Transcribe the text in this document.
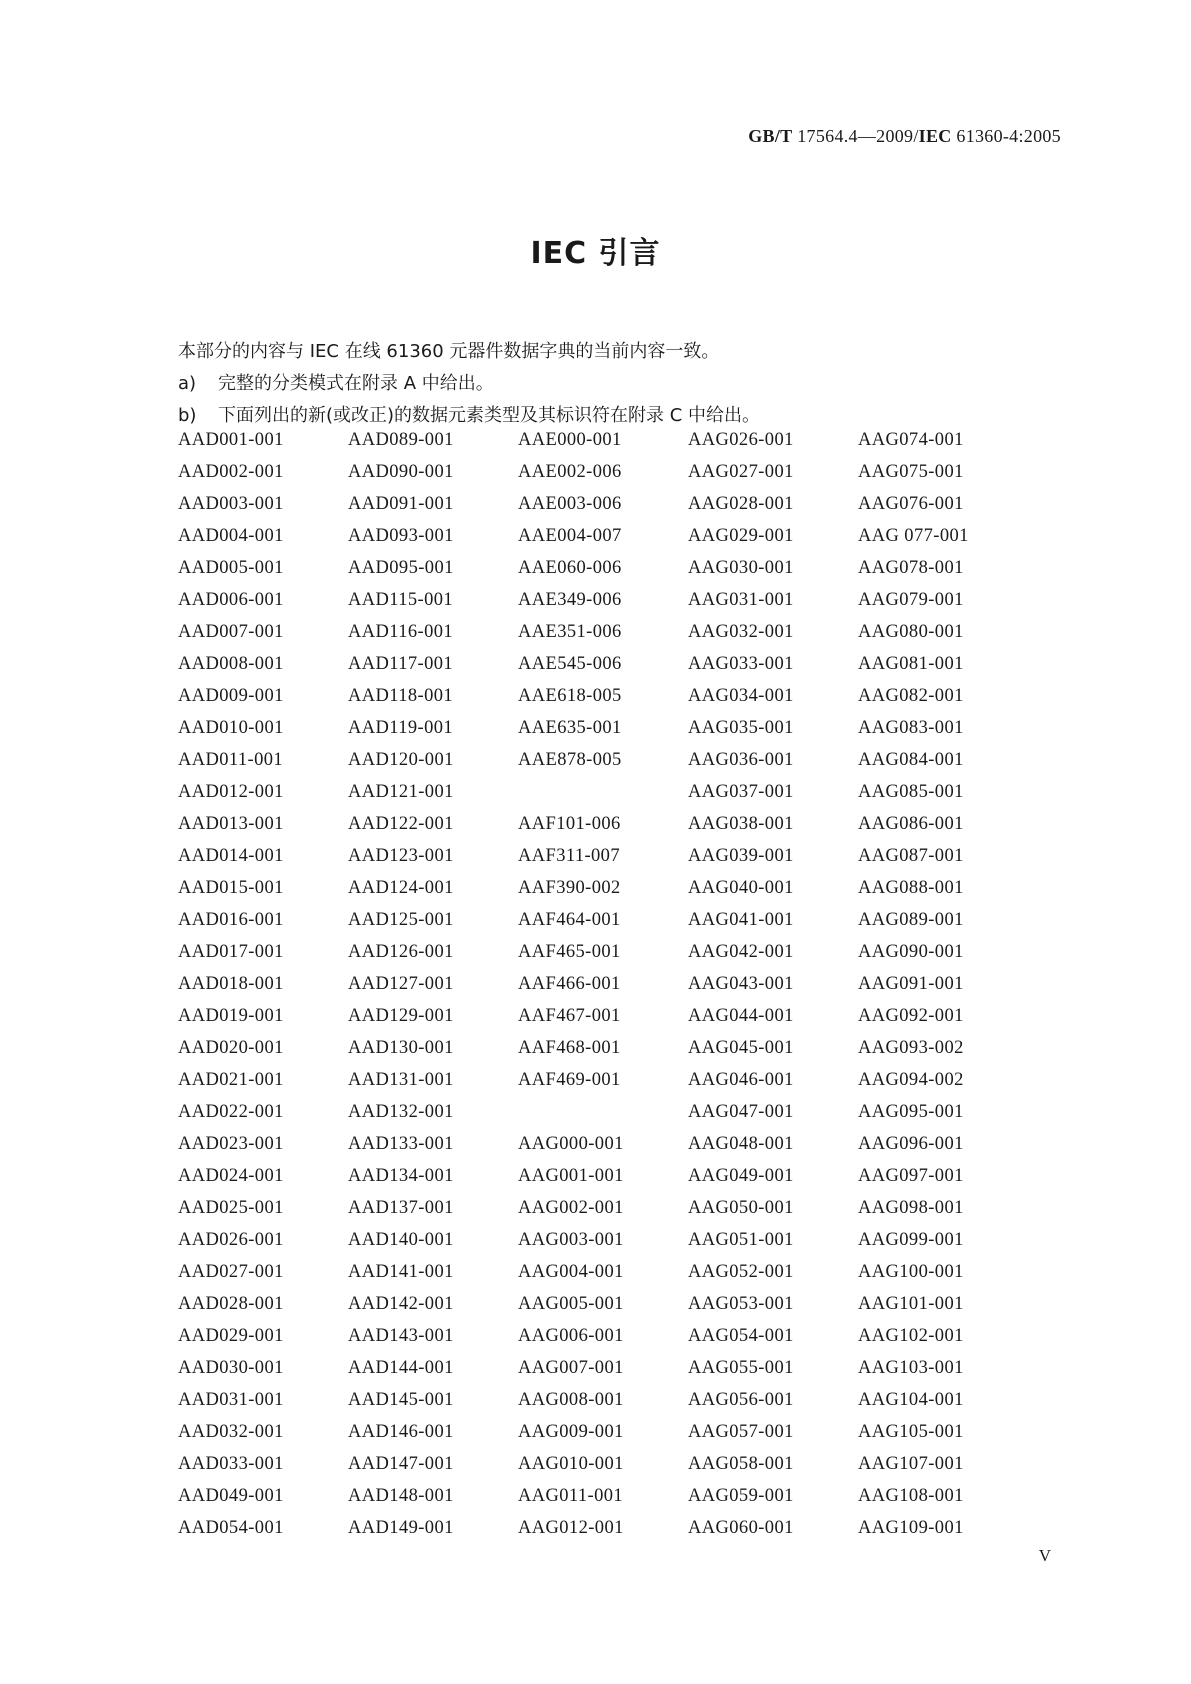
GB/T 17564.4—2009/IEC 61360-4:2005
IEC 引言

本部分的内容与 IEC 在线 61360 元器件数据字典的当前内容一致。

a) 完整的分类模式在附录 A 中给出。

b) 下面列出的新(或改正)的数据元素类型及其标识符在附录 C 中给出。

AAD001-001
AAD002-001
AAD003-001
AAD004-001
AAD005-001
AAD006-001
AAD007-001
AAD008-001
AAD009-001
AAD010-001
AAD011-001
AAD012-001
AAD013-001
AAD014-001
AAD015-001
AAD016-001
AAD017-001
AAD018-001
AAD019-001
AAD020-001
AAD021-001
AAD022-001
AAD023-001
AAD024-001
AAD025-001
AAD026-001
AAD027-001
AAD028-001
AAD029-001
AAD030-001
AAD031-001
AAD032-001
AAD033-001
AAD049-001
AAD054-001
AAD089-001
AAD090-001
AAD091-001
AAD093-001
AAD095-001
AAD115-001
AAD116-001
AAD117-001
AAD118-001
AAD119-001
AAD120-001
AAD121-001
AAD122-001
AAD123-001
AAD124-001
AAD125-001
AAD126-001
AAD127-001
AAD129-001
AAD130-001
AAD131-001
AAD132-001
AAD133-001
AAD134-001
AAD137-001
AAD140-001
AAD141-001
AAD142-001
AAD143-001
AAD144-001
AAD145-001
AAD146-001
AAD147-001
AAD148-001
AAD149-001
AAE000-001
AAE002-006
AAE003-006
AAE004-007
AAE060-006
AAE349-006
AAE351-006
AAE545-006
AAE618-005
AAE635-001
AAE878-005
AAF101-006
AAF311-007
AAF390-002
AAF464-001
AAF465-001
AAF466-001
AAF467-001
AAF468-001
AAF469-001
AAG000-001
AAG001-001
AAG002-001
AAG003-001
AAG004-001
AAG005-001
AAG006-001
AAG007-001
AAG008-001
AAG009-001
AAG010-001
AAG011-001
AAG012-001
AAG026-001
AAG027-001
AAG028-001
AAG029-001
AAG030-001
AAG031-001
AAG032-001
AAG033-001
AAG034-001
AAG035-001
AAG036-001
AAG037-001
AAG038-001
AAG039-001
AAG040-001
AAG041-001
AAG042-001
AAG043-001
AAG044-001
AAG045-001
AAG046-001
AAG047-001
AAG048-001
AAG049-001
AAG050-001
AAG051-001
AAG052-001
AAG053-001
AAG054-001
AAG055-001
AAG056-001
AAG057-001
AAG058-001
AAG059-001
AAG060-001
AAG074-001
AAG075-001
AAG076-001
AAG 077-001
AAG078-001
AAG079-001
AAG080-001
AAG081-001
AAG082-001
AAG083-001
AAG084-001
AAG085-001
AAG086-001
AAG087-001
AAG088-001
AAG089-001
AAG090-001
AAG091-001
AAG092-001
AAG093-002
AAG094-002
AAG095-001
AAG096-001
AAG097-001
AAG098-001
AAG099-001
AAG100-001
AAG101-001
AAG102-001
AAG103-001
AAG104-001
AAG105-001
AAG107-001
AAG108-001
AAG109-001
V
